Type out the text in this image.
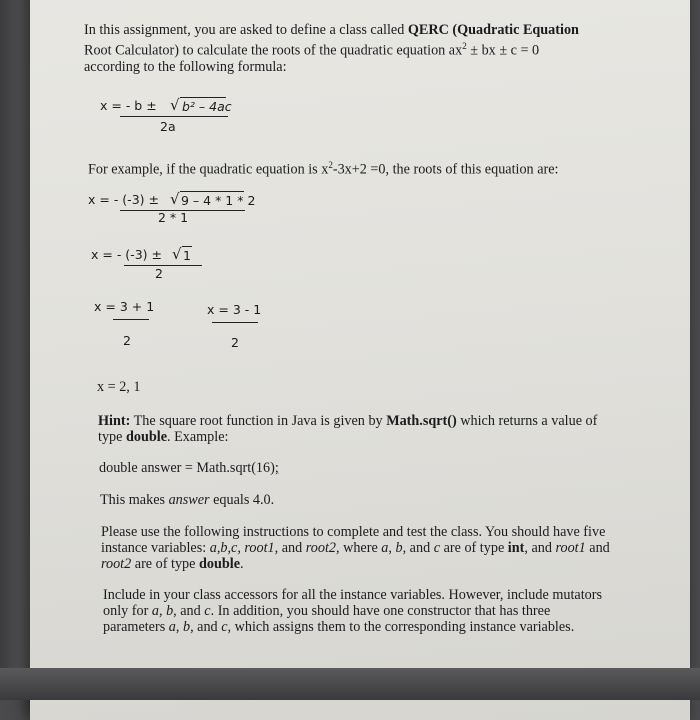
In this assignment, you are asked to define a class called QERC (Quadratic Equation
Root Calculator) to calculate the roots of the quadratic equation $ax^2$ ± bx ± c = 0
according to the following formula:
x = - b ± √ b² – 4ac
2a
For example, if the quadratic equation is $x^2-3x+2 =0$, the roots of this equation are:
x = - (-3) ± √ 9 – 4 * 1 * 2
2 * 1
x = - (-3) ± √ 1
2
x = 3 + 1
2
x = 3 - 1
2
x = 2, 1
Hint: The square root function in Java is given by Math.sqrt() which returns a value of
type double. Example:
double answer = Math.sqrt(16);
This makes answer equals 4.0.
Please use the following instructions to complete and test the class. You should have five
instance variables: a,b,c, root1, and root2, where a, b, and c are of type int, and root1 and
root2 are of type double.
Include in your class accessors for all the instance variables. However, include mutators
only for a, b, and c. In addition, you should have one constructor that has three
parameters a, b, and c, which assigns them to the corresponding instance variables.
